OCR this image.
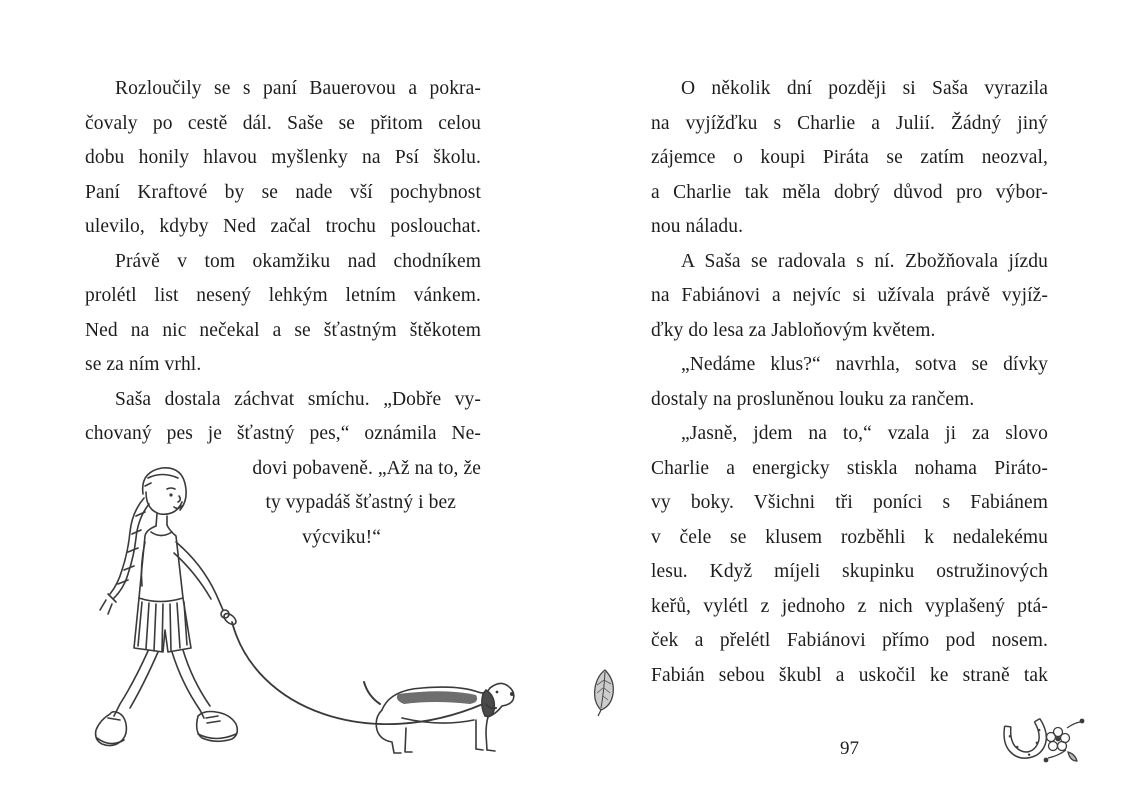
Rozloučily se s paní Bauerovou a pokra-
čovaly po cestě dál. Saše se přitom celou
dobu honily hlavou myšlenky na Psí školu.
Paní Kraftové by se nade vší pochybnost
ulevilo, kdyby Ned začal trochu poslouchat.
Právě v tom okamžiku nad chodníkem
prolétl list nesený lehkým letním vánkem.
Ned na nic nečekal a se šťastným štěkotem
se za ním vrhl.
Saša dostala záchvat smíchu. „Dobře vy-
chovaný pes je šťastný pes,“ oznámila Ne-
dovi pobaveně. „Až na to, že
ty vypadáš šťastný i bez
výcviku!“
O několik dní později si Saša vyrazila
na vyjížďku s Charlie a Julií. Žádný jiný
zájemce o koupi Piráta se zatím neozval,
a Charlie tak měla dobrý důvod pro výbor-
nou náladu.
A Saša se radovala s ní. Zbožňovala jízdu
na Fabiánovi a nejvíc si užívala právě vyjíž-
ďky do lesa za Jabloňovým květem.
„Nedáme klus?“ navrhla, sotva se dívky
dostaly na prosluněnou louku za rančem.
„Jasně, jdem na to,“ vzala ji za slovo
Charlie a energicky stiskla nohama Piráto-
vy boky. Všichni tři poníci s Fabiánem
v čele se klusem rozběhli k nedalekému
lesu. Když míjeli skupinku ostružinových
keřů, vylétl z jednoho z nich vyplašený ptá-
ček a přelétl Fabiánovi přímo pod nosem.
Fabián sebou škubl a uskočil ke straně tak
97
